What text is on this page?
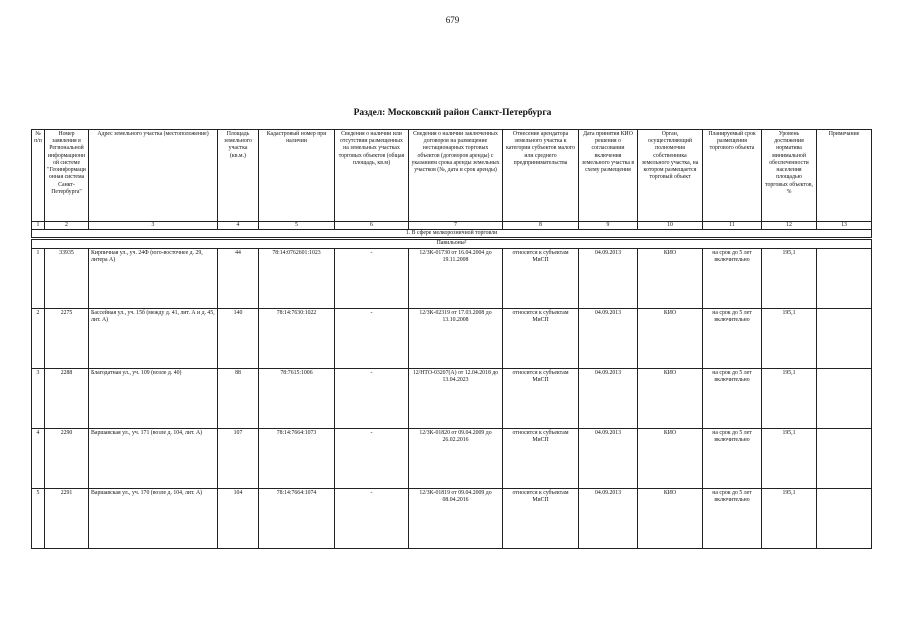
679
Раздел: Московский район Санкт-Петербурга
№ п/п	Номер заявления в Региональной информационной системе "Геоинформационная система Санкт-Петербурга"	Адрес земельного участка (местоположение)	Площадь земельного участка (кв.м.)	Кадастровый номер при наличии	Сведения о наличии или отсутствии размещенных на земельных участках торговых объектов (общая площадь, кв.м)	Сведения о наличии заключенных договоров на размещение нестационарных торговых объектов (договоров аренды) с указанием срока аренды земельных участков (№, дата и срок аренды)	Отнесение арендатора земельного участка к категории субъектов малого или среднего предпринимательства	Дата принятия КИО решения о согласовании включения земельного участка в схему размещения	Орган, осуществляющий полномочия собственника земельного участка, на котором размещается торговый объект	Планируемый срок размещения торгового объекта	Уровень достижения норматива минимальной обеспеченности населения площадью торговых объектов, %	Примечание
1	2	3	4	5	6	7	8	9	10	11	12	13
1. В сфере мелкорозничной торговли												

Павильоны²												
1	33935	Кирпичная ул., уч. 24Ф (юго-восточнее д. 29, литера А)	44	78:14:0762601:1023	-	12/ЗК-01730 от 16.04.2004 до 19.11.2008	относится к субъектам МиСП	04.09.2013	КИО	на срок до 5 лет включительно	195,1	
2	2275	Бассейная ул., уч. 15б (между д. 41, лит. А и д. 45, лит. А)	140	78:14:7630:1022	-	12/ЗК-02319 от 17.03.2008 до 13.10.2008	относится к субъектам МиСП	04.09.2013	КИО	на срок до 5 лет включительно	195,1	
3	2288	Благодатная ул., уч. 109 (возле д. 40)	88	78:7615:1006	-	12/НТО-03207(А) от 12.04.2018 до 13.04.2023	относится к субъектам МиСП	04.09.2013	КИО	на срок до 5 лет включительно	195,1	
4	2290	Варшавская ул., уч. 171 (возле д. 104, лит. А)	107	78:14:7664:1073	-	12/ЗК-01820 от 09.04.2009 до 26.02.2016	относится к субъектам МиСП	04.09.2013	КИО	на срок до 5 лет включительно	195,1	
5	2291	Варшавская ул., уч. 170 (возле д. 104, лит. А)	104	78:14:7664:1074	-	12/ЗК-01819 от 09.04.2009 до 08.04.2016	относится к субъектам МиСП	04.09.2013	КИО	на срок до 5 лет включительно	195,1	
